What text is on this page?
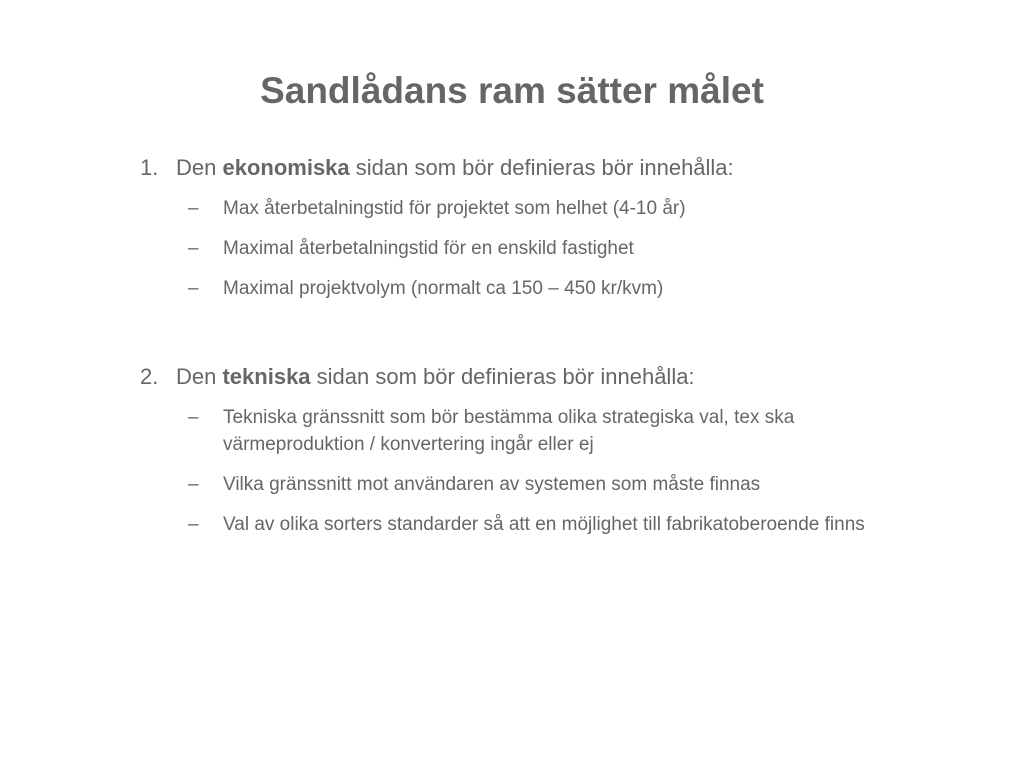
Sandlådans ram sätter målet
1. Den ekonomiska sidan som bör definieras bör innehålla:
– Max återbetalningstid för projektet som helhet (4-10 år)
– Maximal återbetalningstid för en enskild fastighet
– Maximal projektvolym (normalt ca 150 – 450 kr/kvm)
2. Den tekniska sidan som bör definieras bör innehålla:
– Tekniska gränssnitt som bör bestämma olika strategiska val, tex ska värmeproduktion / konvertering ingår eller ej
– Vilka gränssnitt mot användaren av systemen som måste finnas
– Val av olika sorters standarder så att en möjlighet till fabrikatoberoende finns
